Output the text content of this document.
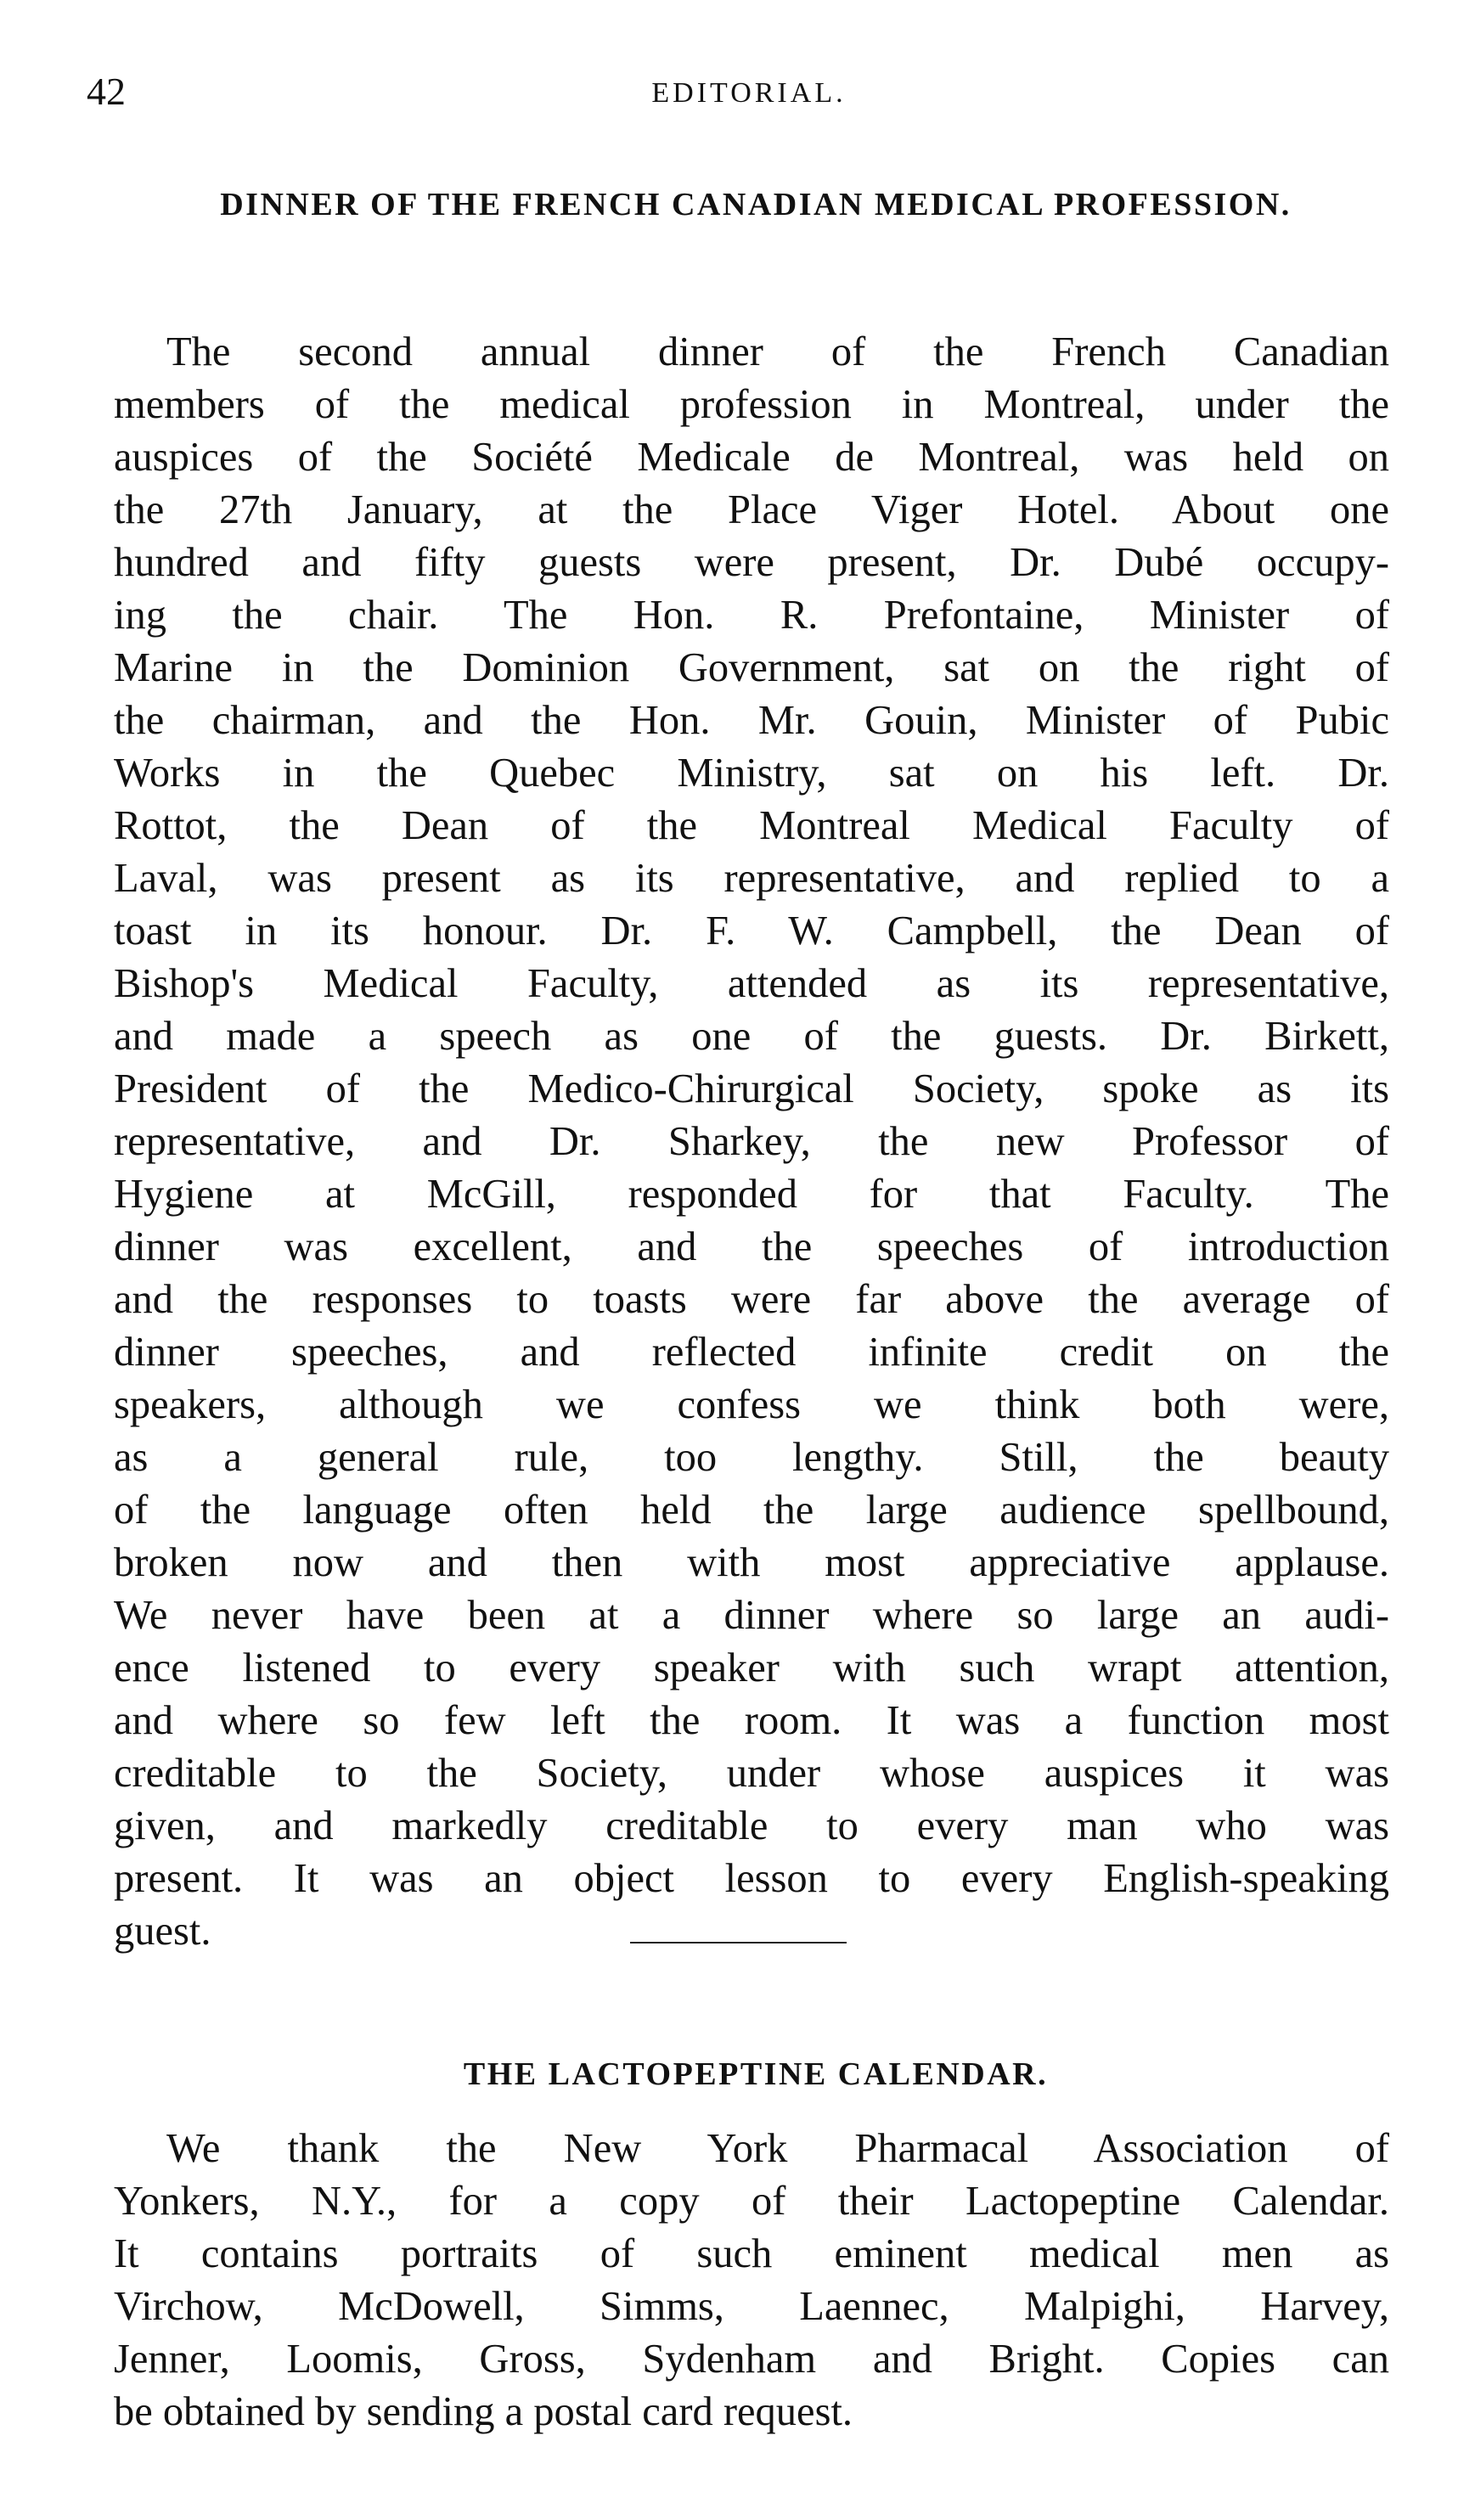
42	EDITORIAL.
DINNER OF THE FRENCH CANADIAN MEDICAL PROFESSION.
The second annual dinner of the French Canadian
members of the medical profession in Montreal, under the
auspices of the Société Medicale de Montreal, was held on
the 27th January, at the Place Viger Hotel. About one
hundred and fifty guests were present, Dr. Dubé occupy-
ing the chair. The Hon. R. Prefontaine, Minister of
Marine in the Dominion Government, sat on the right of
the chairman, and the Hon. Mr. Gouin, Minister of Pubic
Works in the Quebec Ministry, sat on his left. Dr.
Rottot, the Dean of the Montreal Medical Faculty of
Laval, was present as its representative, and replied to a
toast in its honour. Dr. F. W. Campbell, the Dean of
Bishop's Medical Faculty, attended as its representative,
and made a speech as one of the guests. Dr. Birkett,
President of the Medico-Chirurgical Society, spoke as its
representative, and Dr. Sharkey, the new Professor of
Hygiene at McGill, responded for that Faculty. The
dinner was excellent, and the speeches of introduction
and the responses to toasts were far above the average of
dinner speeches, and reflected infinite credit on the
speakers, although we confess we think both were,
as a general rule, too lengthy. Still, the beauty
of the language often held the large audience spellbound,
broken now and then with most appreciative applause.
We never have been at a dinner where so large an audi-
ence listened to every speaker with such wrapt attention,
and where so few left the room. It was a function most
creditable to the Society, under whose auspices it was
given, and markedly creditable to every man who was
present. It was an object lesson to every English-speaking
guest.
THE LACTOPEPTINE CALENDAR.
We thank the New York Pharmacal Association of
Yonkers, N.Y., for a copy of their Lactopeptine Calendar.
It contains portraits of such eminent medical men as
Virchow, McDowell, Simms, Laennec, Malpighi, Harvey,
Jenner, Loomis, Gross, Sydenham and Bright. Copies can
be obtained by sending a postal card request.
